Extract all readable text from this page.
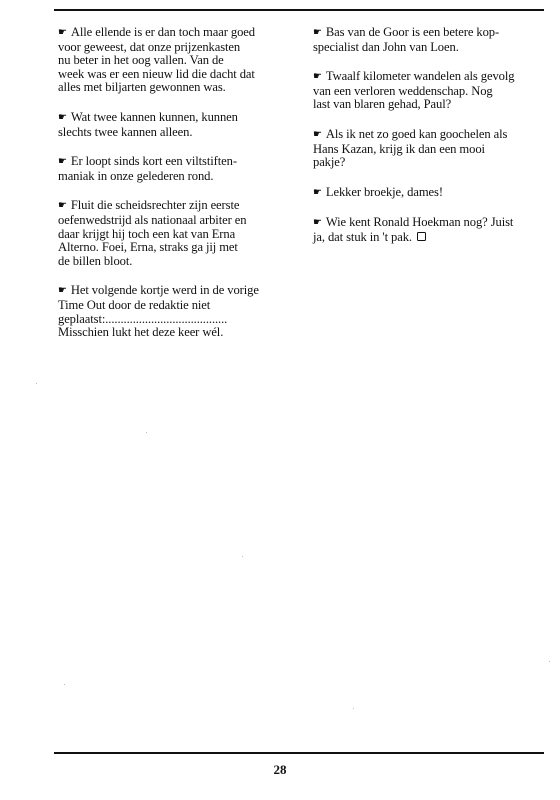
☛ Alle ellende is er dan toch maar goed
voor geweest, dat onze prijzenkasten
nu beter in het oog vallen. Van de
week was er een nieuw lid die dacht dat
alles met biljarten gewonnen was.

☛ Wat twee kannen kunnen, kunnen
slechts twee kannen alleen.

☛ Er loopt sinds kort een viltstiften-
maniak in onze gelederen rond.

☛ Fluit die scheidsrechter zijn eerste
oefenwedstrijd als nationaal arbiter en
daar krijgt hij toch een kat van Erna
Alterno. Foei, Erna, straks ga jij met
de billen bloot.

☛ Het volgende kortje werd in de vorige
Time Out door de redaktie niet
geplaatst:........................................
Misschien lukt het deze keer wél.

☛ Bas van de Goor is een betere kop-
specialist dan John van Loen.

☛ Twaalf kilometer wandelen als gevolg
van een verloren weddenschap. Nog
last van blaren gehad, Paul?

☛ Als ik net zo goed kan goochelen als
Hans Kazan, krijg ik dan een mooi
pakje?

☛ Lekker broekje, dames!

☛ Wie kent Ronald Hoekman nog? Juist
ja, dat stuk in 't pak.

28
